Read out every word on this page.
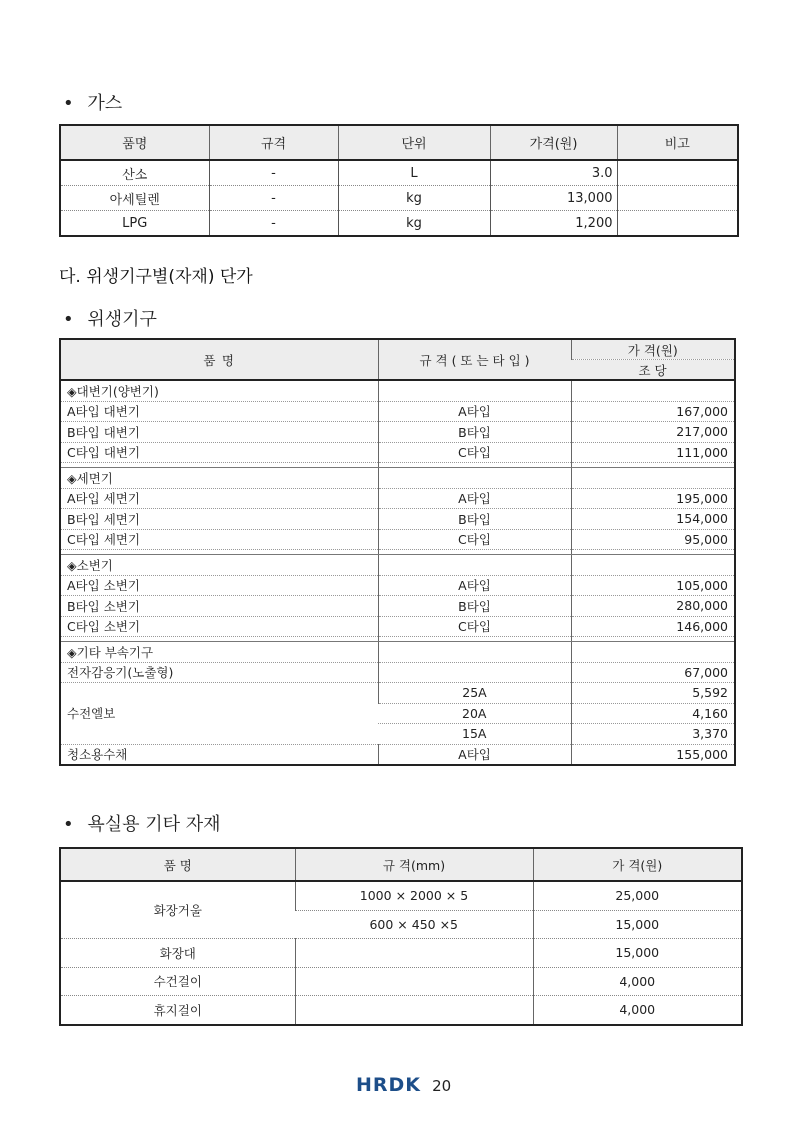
• 가스
품명	규격	단위	가격(원)	비고
산소	-	L	3.0	
아세틸렌	-	kg	13,000	
LPG	-	kg	1,200	
다. 위생기구별(자재) 단가
• 위생기구
품 명	규 격 ( 또 는 타 입 )	가 격(원)
		조 당
◈대변기(양변기)		
A타입 대변기	A타입	167,000
B타입 대변기	B타입	217,000
C타입 대변기	C타입	111,000

◈세면기		
A타입 세면기	A타입	195,000
B타입 세면기	B타입	154,000
C타입 세면기	C타입	95,000

◈소변기		
A타입 소변기	A타입	105,000
B타입 소변기	B타입	280,000
C타입 소변기	C타입	146,000

◈기타 부속기구		
전자감응기(노출형)		67,000
수전엘보	25A	5,592
	20A	4,160
	15A	3,370
청소용수채	A타입	155,000
• 욕실용 기타 자재
품 명	규 격(mm)	가 격(원)
화장거울	1000 × 2000 × 5	25,000
	600 × 450 ×5	15,000
화장대		15,000
수건걸이		4,000
휴지걸이		4,000
HRDK 20
